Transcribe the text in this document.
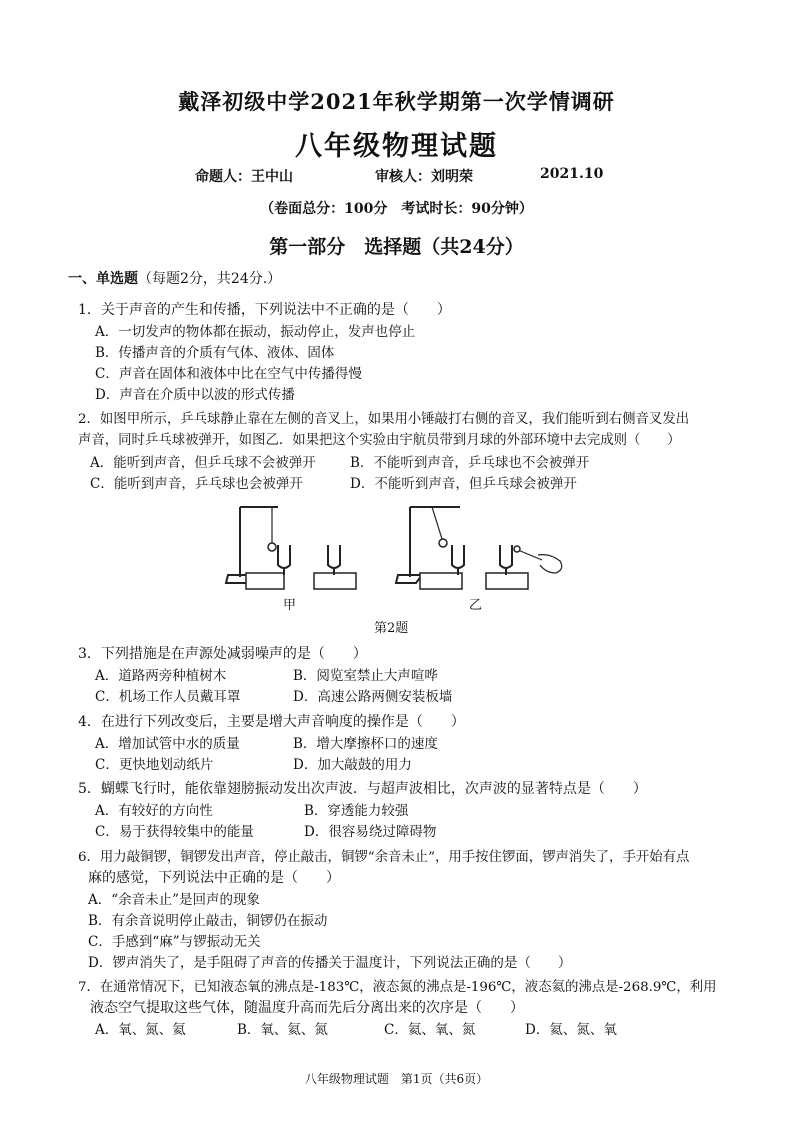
戴泽初级中学2021年秋学期第一次学情调研
八年级物理试题
命题人：王中山	审核人：刘明荣	2021.10
（卷面总分：100分　考试时长：90分钟）
第一部分　选择题（共24分）
一、单选题（每题2分，共24分.）
1．关于声音的产生和传播，下列说法中不正确的是（　　）
A．一切发声的物体都在振动，振动停止，发声也停止
B．传播声音的介质有气体、液体、固体
C．声音在固体和液体中比在空气中传播得慢
D．声音在介质中以波的形式传播
2．如图甲所示，乒乓球静止靠在左侧的音叉上，如果用小锤敲打右侧的音叉，我们能听到右侧音叉发出
声音，同时乒乓球被弹开，如图乙．如果把这个实验由宇航员带到月球的外部环境中去完成则（　　）
A．能听到声音，但乒乓球不会被弹开	B．不能听到声音，乒乓球也不会被弹开
C．能听到声音，乒乓球也会被弹开	D．不能听到声音，但乒乓球会被弹开
甲	乙
第2题
3．下列措施是在声源处减弱噪声的是（　　）
A．道路两旁种植树木	B．阅览室禁止大声喧哗
C．机场工作人员戴耳罩	D．高速公路两侧安装板墙
4．在进行下列改变后，主要是增大声音响度的操作是（　　）
A．增加试管中水的质量	B．增大摩擦杯口的速度
C．更快地划动纸片	D．加大敲鼓的用力
5．蝴蝶飞行时，能依靠翅膀振动发出次声波．与超声波相比，次声波的显著特点是（　　）
A．有较好的方向性	B．穿透能力较强
C．易于获得较集中的能量	D．很容易绕过障碍物
6．用力敲铜锣，铜锣发出声音，停止敲击，铜锣“余音未止”，用手按住锣面，锣声消失了，手开始有点
麻的感觉，下列说法中正确的是（　　）
A．“余音未止”是回声的现象
B．有余音说明停止敲击，铜锣仍在振动
C．手感到“麻”与锣振动无关
D．锣声消失了，是手阻碍了声音的传播关于温度计，下列说法正确的是（　　）
7．在通常情况下，已知液态氧的沸点是-183℃，液态氮的沸点是-196℃，液态氦的沸点是-268.9℃，利用
液态空气提取这些气体，随温度升高而先后分离出来的次序是（　　）
A．氧、氮、氦	B．氧、氦、氮	C．氦、氧、氮	D．氦、氮、氧
八年级物理试题　第1页（共6页）
